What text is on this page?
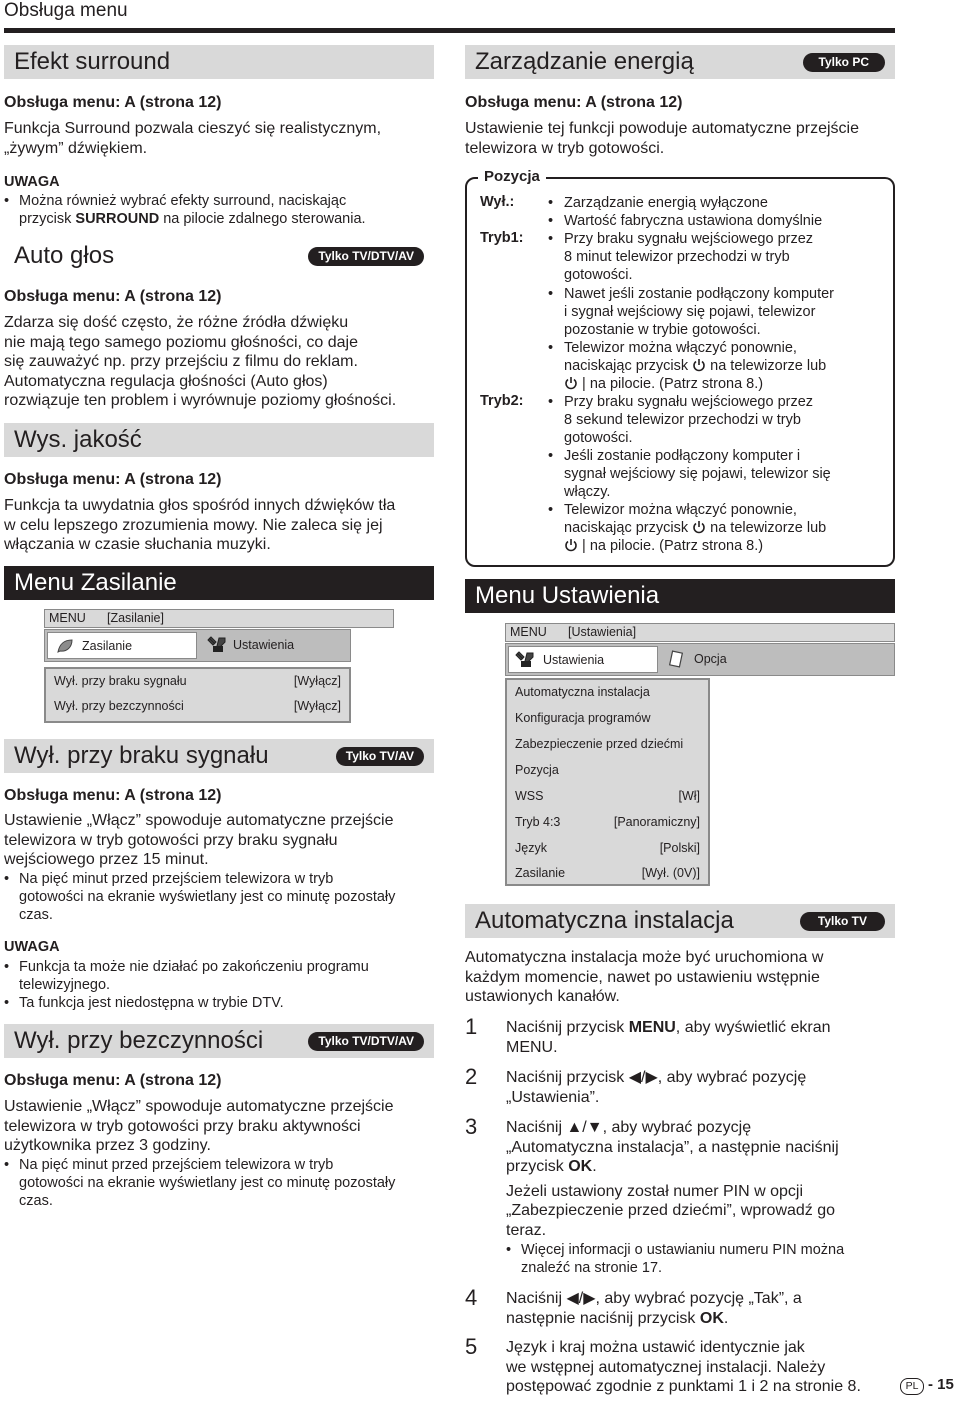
Obsługa menu
Efekt surround
Obsługa menu: A (strona 12)
Funkcja Surround pozwala cieszyć się realistycznym,
„żywym” dźwiękiem.
UWAGA
• Można również wybrać efekty surround, naciskając
przycisk SURROUND na pilocie zdalnego sterowania.
Auto głos	Tylko TV/DTV/AV
Obsługa menu: A (strona 12)
Zdarza się dość często, że różne źródła dźwięku
nie mają tego samego poziomu głośności, co daje
się zauważyć np. przy przejściu z filmu do reklam.
Automatyczna regulacja głośności (Auto głos)
rozwiązuje ten problem i wyrównuje poziomy głośności.
Wys. jakość
Obsługa menu: A (strona 12)
Funkcja ta uwydatnia głos spośród innych dźwięków tła
w celu lepszego zrozumienia mowy. Nie zaleca się jej
włączania w czasie słuchania muzyki.
Menu Zasilanie
MENU [Zasilanie]
Zasilanie	Ustawienia
Wył. przy braku sygnału	[Wyłącz]
Wył. przy bezczynności	[Wyłącz]
Wył. przy braku sygnału	Tylko TV/AV
Obsługa menu: A (strona 12)
Ustawienie „Włącz” spowoduje automatyczne przejście
telewizora w tryb gotowości przy braku sygnału
wejściowego przez 15 minut.
• Na pięć minut przed przejściem telewizora w tryb
gotowości na ekranie wyświetlany jest co minutę pozostały
czas.
UWAGA
• Funkcja ta może nie działać po zakończeniu programu
telewizyjnego.
• Ta funkcja jest niedostępna w trybie DTV.
Wył. przy bezczynności	Tylko TV/DTV/AV
Obsługa menu: A (strona 12)
Ustawienie „Włącz” spowoduje automatyczne przejście
telewizora w tryb gotowości przy braku aktywności
użytkownika przez 3 godziny.
• Na pięć minut przed przejściem telewizora w tryb
gotowości na ekranie wyświetlany jest co minutę pozostały
czas.
Zarządzanie energią	Tylko PC
Obsługa menu: A (strona 12)
Ustawienie tej funkcji powoduje automatyczne przejście
telewizora w tryb gotowości.
Pozycja
Wył.:	• Zarządzanie energią wyłączone
• Wartość fabryczna ustawiona domyślnie
Tryb1:	• Przy braku sygnału wejściowego przez
8 minut telewizor przechodzi w tryb
gotowości.
• Nawet jeśli zostanie podłączony komputer
i sygnał wejściowy się pojawi, telewizor
pozostanie w trybie gotowości.
• Telewizor można włączyć ponownie,
naciskając przycisk  na telewizorze lub
| na pilocie. (Patrz strona 8.)
Tryb2:	• Przy braku sygnału wejściowego przez
8 sekund telewizor przechodzi w tryb
gotowości.
• Jeśli zostanie podłączony komputer i
sygnał wejściowy się pojawi, telewizor się
włączy.
• Telewizor można włączyć ponownie,
naciskając przycisk  na telewizorze lub
| na pilocie. (Patrz strona 8.)
Menu Ustawienia
MENU [Ustawienia]
Ustawienia	Opcja
Automatyczna instalacja
Konfiguracja programów
Zabezpieczenie przed dziećmi
Pozycja
WSS	[Wł]
Tryb 4:3	[Panoramiczny]
Język	[Polski]
Zasilanie	[Wył. (0V)]
Automatyczna instalacja	Tylko TV
Automatyczna instalacja może być uruchomiona w
każdym momencie, nawet po ustawieniu wstępnie
ustawionych kanałów.
1 Naciśnij przycisk MENU, aby wyświetlić ekran
MENU.
2 Naciśnij przycisk ◀/▶, aby wybrać pozycję
„Ustawienia”.
3 Naciśnij ▲/▼, aby wybrać pozycję
„Automatyczna instalacja”, a następnie naciśnij
przycisk OK.
Jeżeli ustawiony został numer PIN w opcji
„Zabezpieczenie przed dziećmi”, wprowadź go
teraz.
• Więcej informacji o ustawianiu numeru PIN można
znaleźć na stronie 17.
4 Naciśnij ◀/▶, aby wybrać pozycję „Tak”, a
następnie naciśnij przycisk OK.
5 Język i kraj można ustawić identycznie jak
we wstępnej automatycznej instalacji. Należy
postępować zgodnie z punktami 1 i 2 na stronie 8.	PL - 15
